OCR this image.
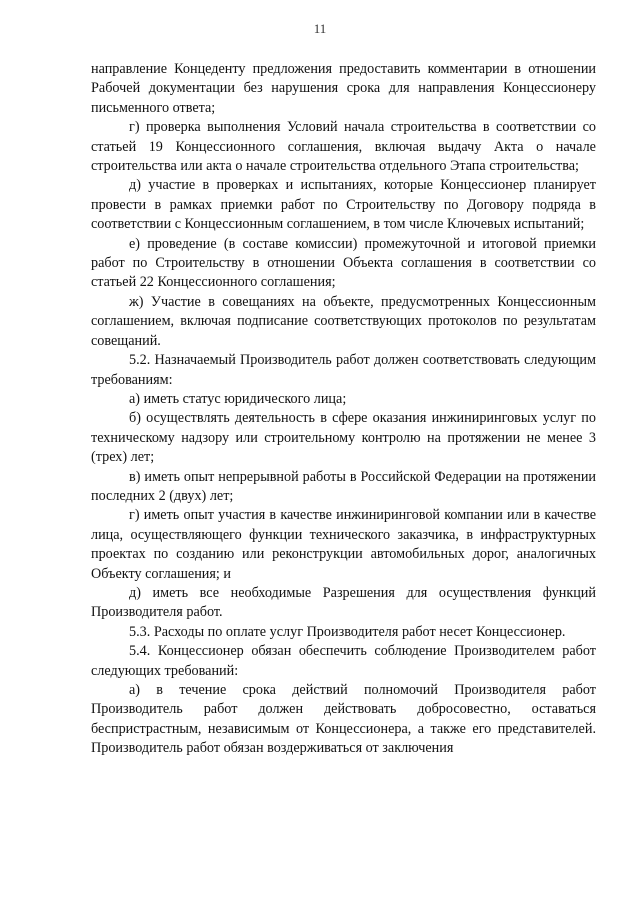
11

направление Концеденту предложения предоставить комментарии в отношении Рабочей документации без нарушения срока для направления Концессионеру письменного ответа;

г) проверка выполнения Условий начала строительства в соответствии со статьей 19 Концессионного соглашения, включая выдачу Акта о начале строительства или акта о начале строительства отдельного Этапа строительства;

д) участие в проверках и испытаниях, которые Концессионер планирует провести в рамках приемки работ по Строительству по Договору подряда в соответствии с Концессионным соглашением, в том числе Ключевых испытаний;

е) проведение (в составе комиссии) промежуточной и итоговой приемки работ по Строительству в отношении Объекта соглашения в соответствии со статьей 22 Концессионного соглашения;

ж) Участие в совещаниях на объекте, предусмотренных Концессионным соглашением, включая подписание соответствующих протоколов по результатам совещаний.

5.2. Назначаемый Производитель работ должен соответствовать следующим требованиям:

а) иметь статус юридического лица;

б) осуществлять деятельность в сфере оказания инжиниринговых услуг по техническому надзору или строительному контролю на протяжении не менее 3 (трех) лет;

в) иметь опыт непрерывной работы в Российской Федерации на протяжении последних 2 (двух) лет;

г) иметь опыт участия в качестве инжиниринговой компании или в качестве лица, осуществляющего функции технического заказчика, в инфраструктурных проектах по созданию или реконструкции автомобильных дорог, аналогичных Объекту соглашения; и

д) иметь все необходимые Разрешения для осуществления функций Производителя работ.

5.3. Расходы по оплате услуг Производителя работ несет Концессионер.

5.4. Концессионер обязан обеспечить соблюдение Производителем работ следующих требований:

а) в течение срока действий полномочий Производителя работ Производитель работ должен действовать добросовестно, оставаться беспристрастным, независимым от Концессионера, а также его представителей. Производитель работ обязан воздерживаться от заключения
